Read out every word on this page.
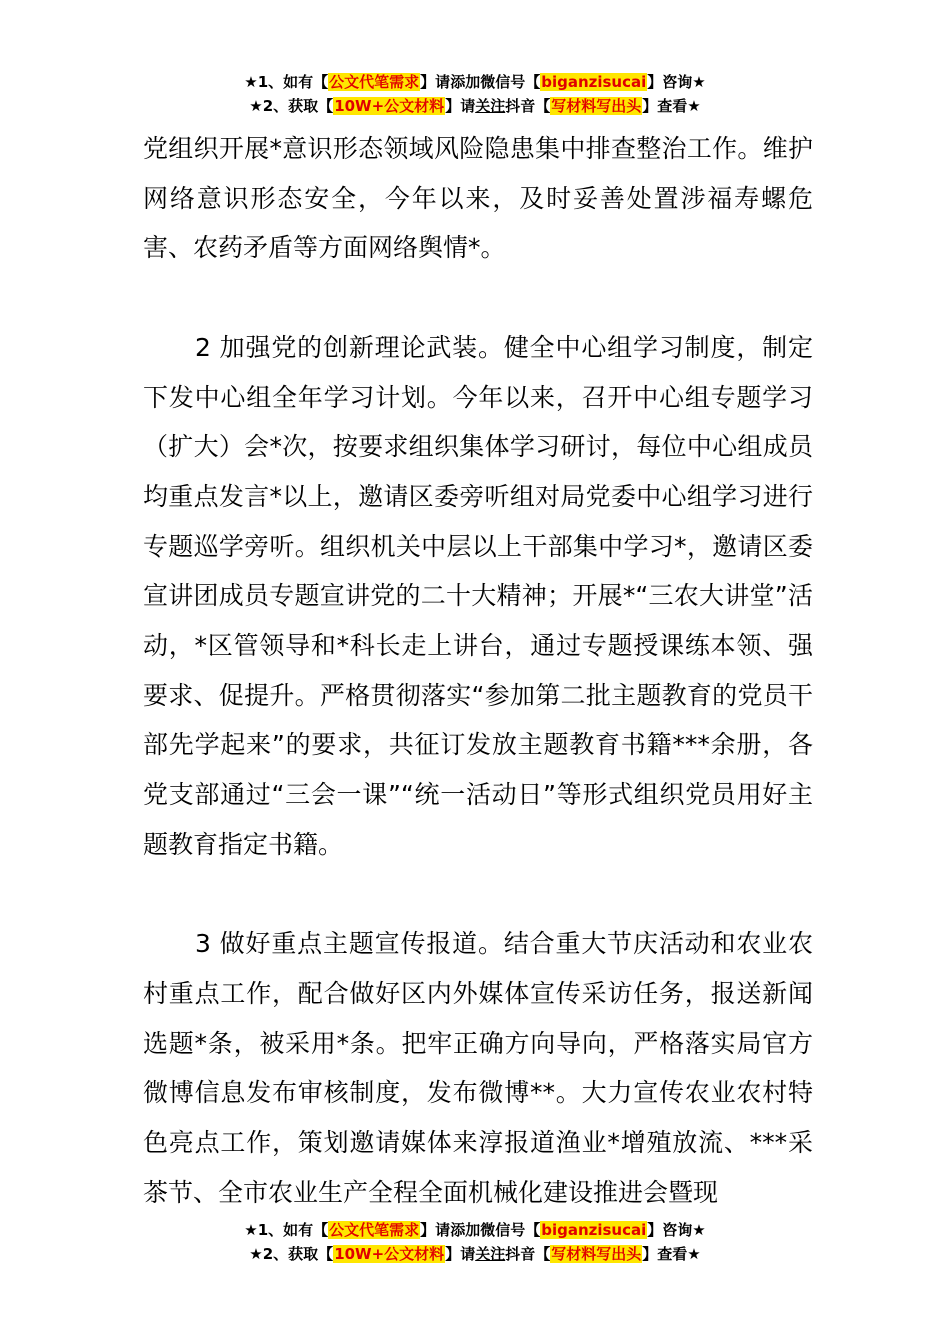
★1、如有【公文代笔需求】请添加微信号【biganzisucai】咨询★
★2、获取【10W+公文材料】请关注抖音【写材料写出头】查看★

党组织开展*意识形态领域风险隐患集中排查整治工作。维护网络意识形态安全，今年以来，及时妥善处置涉福寿螺危害、农药矛盾等方面网络舆情*。

2 加强党的创新理论武装。健全中心组学习制度，制定下发中心组全年学习计划。今年以来，召开中心组专题学习（扩大）会*次，按要求组织集体学习研讨，每位中心组成员均重点发言*以上，邀请区委旁听组对局党委中心组学习进行专题巡学旁听。组织机关中层以上干部集中学习*，邀请区委宣讲团成员专题宣讲党的二十大精神；开展*“三农大讲堂”活动，*区管领导和*科长走上讲台，通过专题授课练本领、强要求、促提升。严格贯彻落实“参加第二批主题教育的党员干部先学起来”的要求，共征订发放主题教育书籍***余册，各党支部通过“三会一课”“统一活动日”等形式组织党员用好主题教育指定书籍。

3 做好重点主题宣传报道。结合重大节庆活动和农业农村重点工作，配合做好区内外媒体宣传采访任务，报送新闻选题*条，被采用*条。把牢正确方向导向，严格落实局官方微博信息发布审核制度，发布微博**。大力宣传农业农村特色亮点工作，策划邀请媒体来淳报道渔业*增殖放流、***采茶节、全市农业生产全程全面机械化建设推进会暨现

★1、如有【公文代笔需求】请添加微信号【biganzisucai】咨询★
★2、获取【10W+公文材料】请关注抖音【写材料写出头】查看★
